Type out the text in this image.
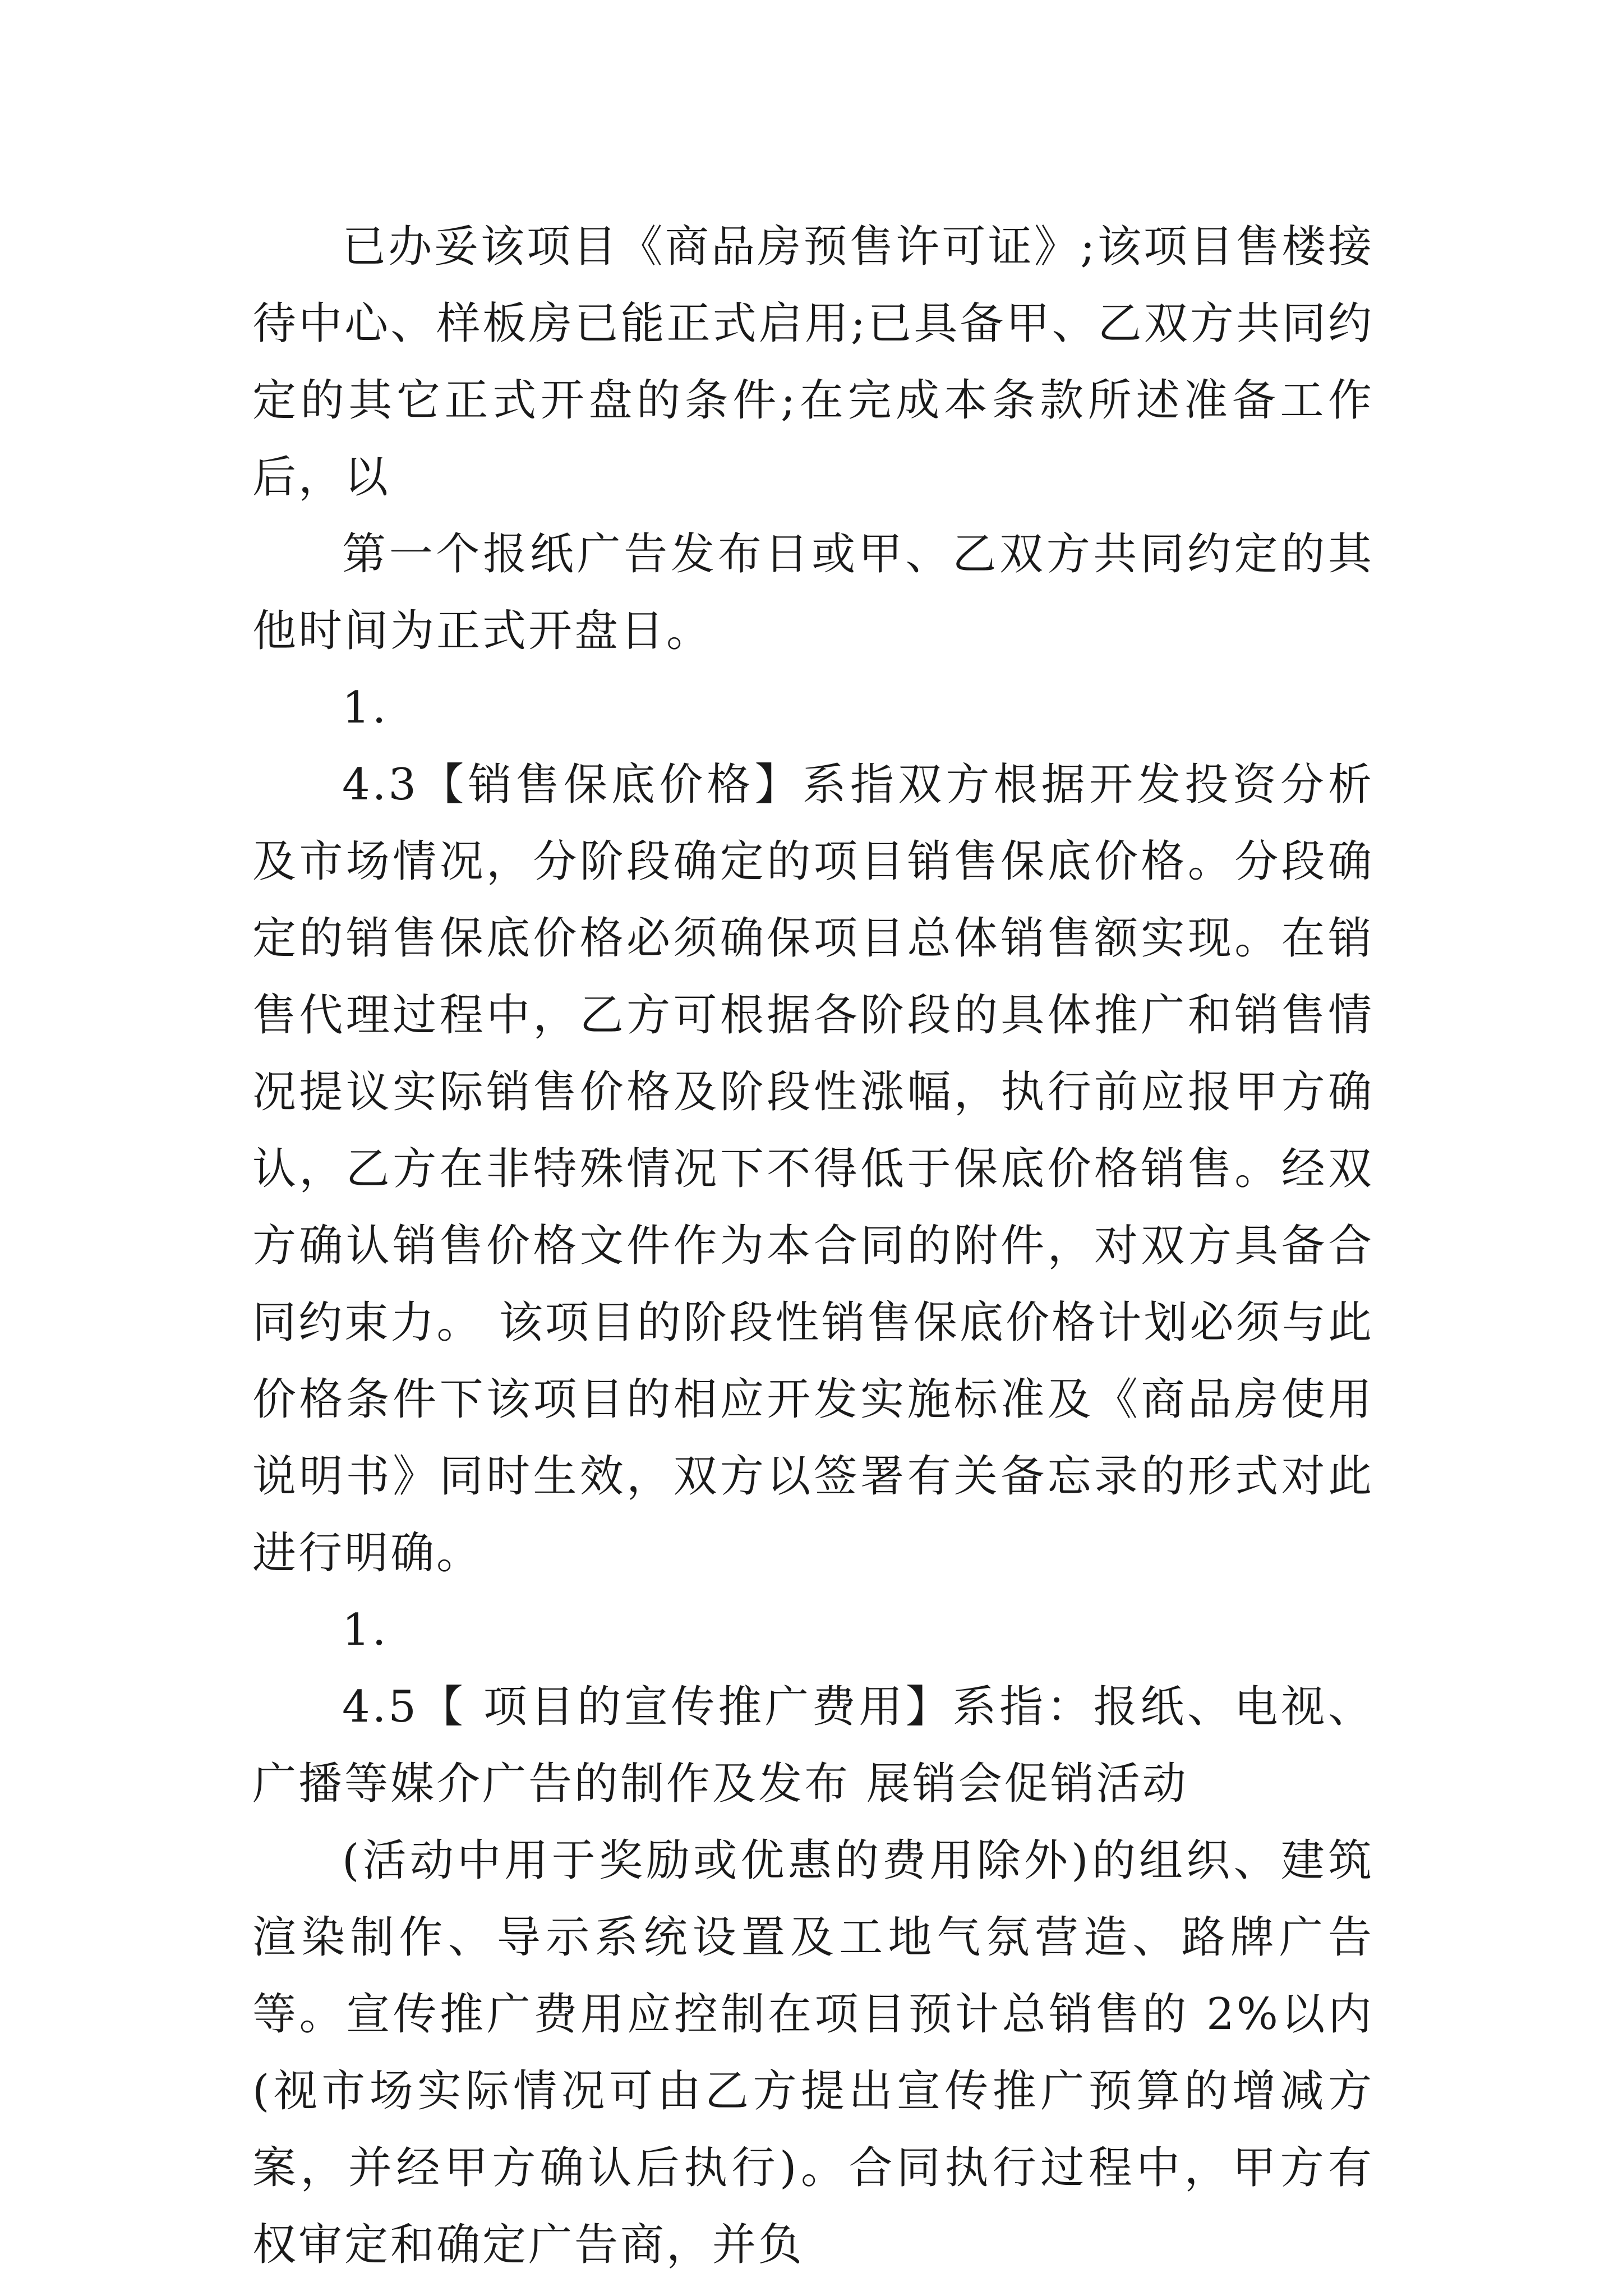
已办妥该项目《商品房预售许可证》;该项目售楼接待中心、样板房已能正式启用;已具备甲、乙双方共同约定的其它正式开盘的条件;在完成本条款所述准备工作后，以

第一个报纸广告发布日或甲、乙双方共同约定的其他时间为正式开盘日。

1.

4.3【销售保底价格】系指双方根据开发投资分析及市场情况，分阶段确定的项目销售保底价格。分段确定的销售保底价格必须确保项目总体销售额实现。在销售代理过程中，乙方可根据各阶段的具体推广和销售情况提议实际销售价格及阶段性涨幅，执行前应报甲方确认，乙方在非特殊情况下不得低于保底价格销售。经双方确认销售价格文件作为本合同的附件，对双方具备合同约束力。 该项目的阶段性销售保底价格计划必须与此价格条件下该项目的相应开发实施标准及《商品房使用说明书》同时生效，双方以签署有关备忘录的形式对此进行明确。

1.

4.5【 项目的宣传推广费用】系指：报纸、电视、广播等媒介广告的制作及发布 展销会促销活动

(活动中用于奖励或优惠的费用除外)的组织、建筑渲染制作、导示系统设置及工地气氛营造、路牌广告等。宣传推广费用应控制在项目预计总销售的 2%以内(视市场实际情况可由乙方提出宣传推广预算的增减方案，并经甲方确认后执行)。合同执行过程中，甲方有权审定和确定广告商，并负
